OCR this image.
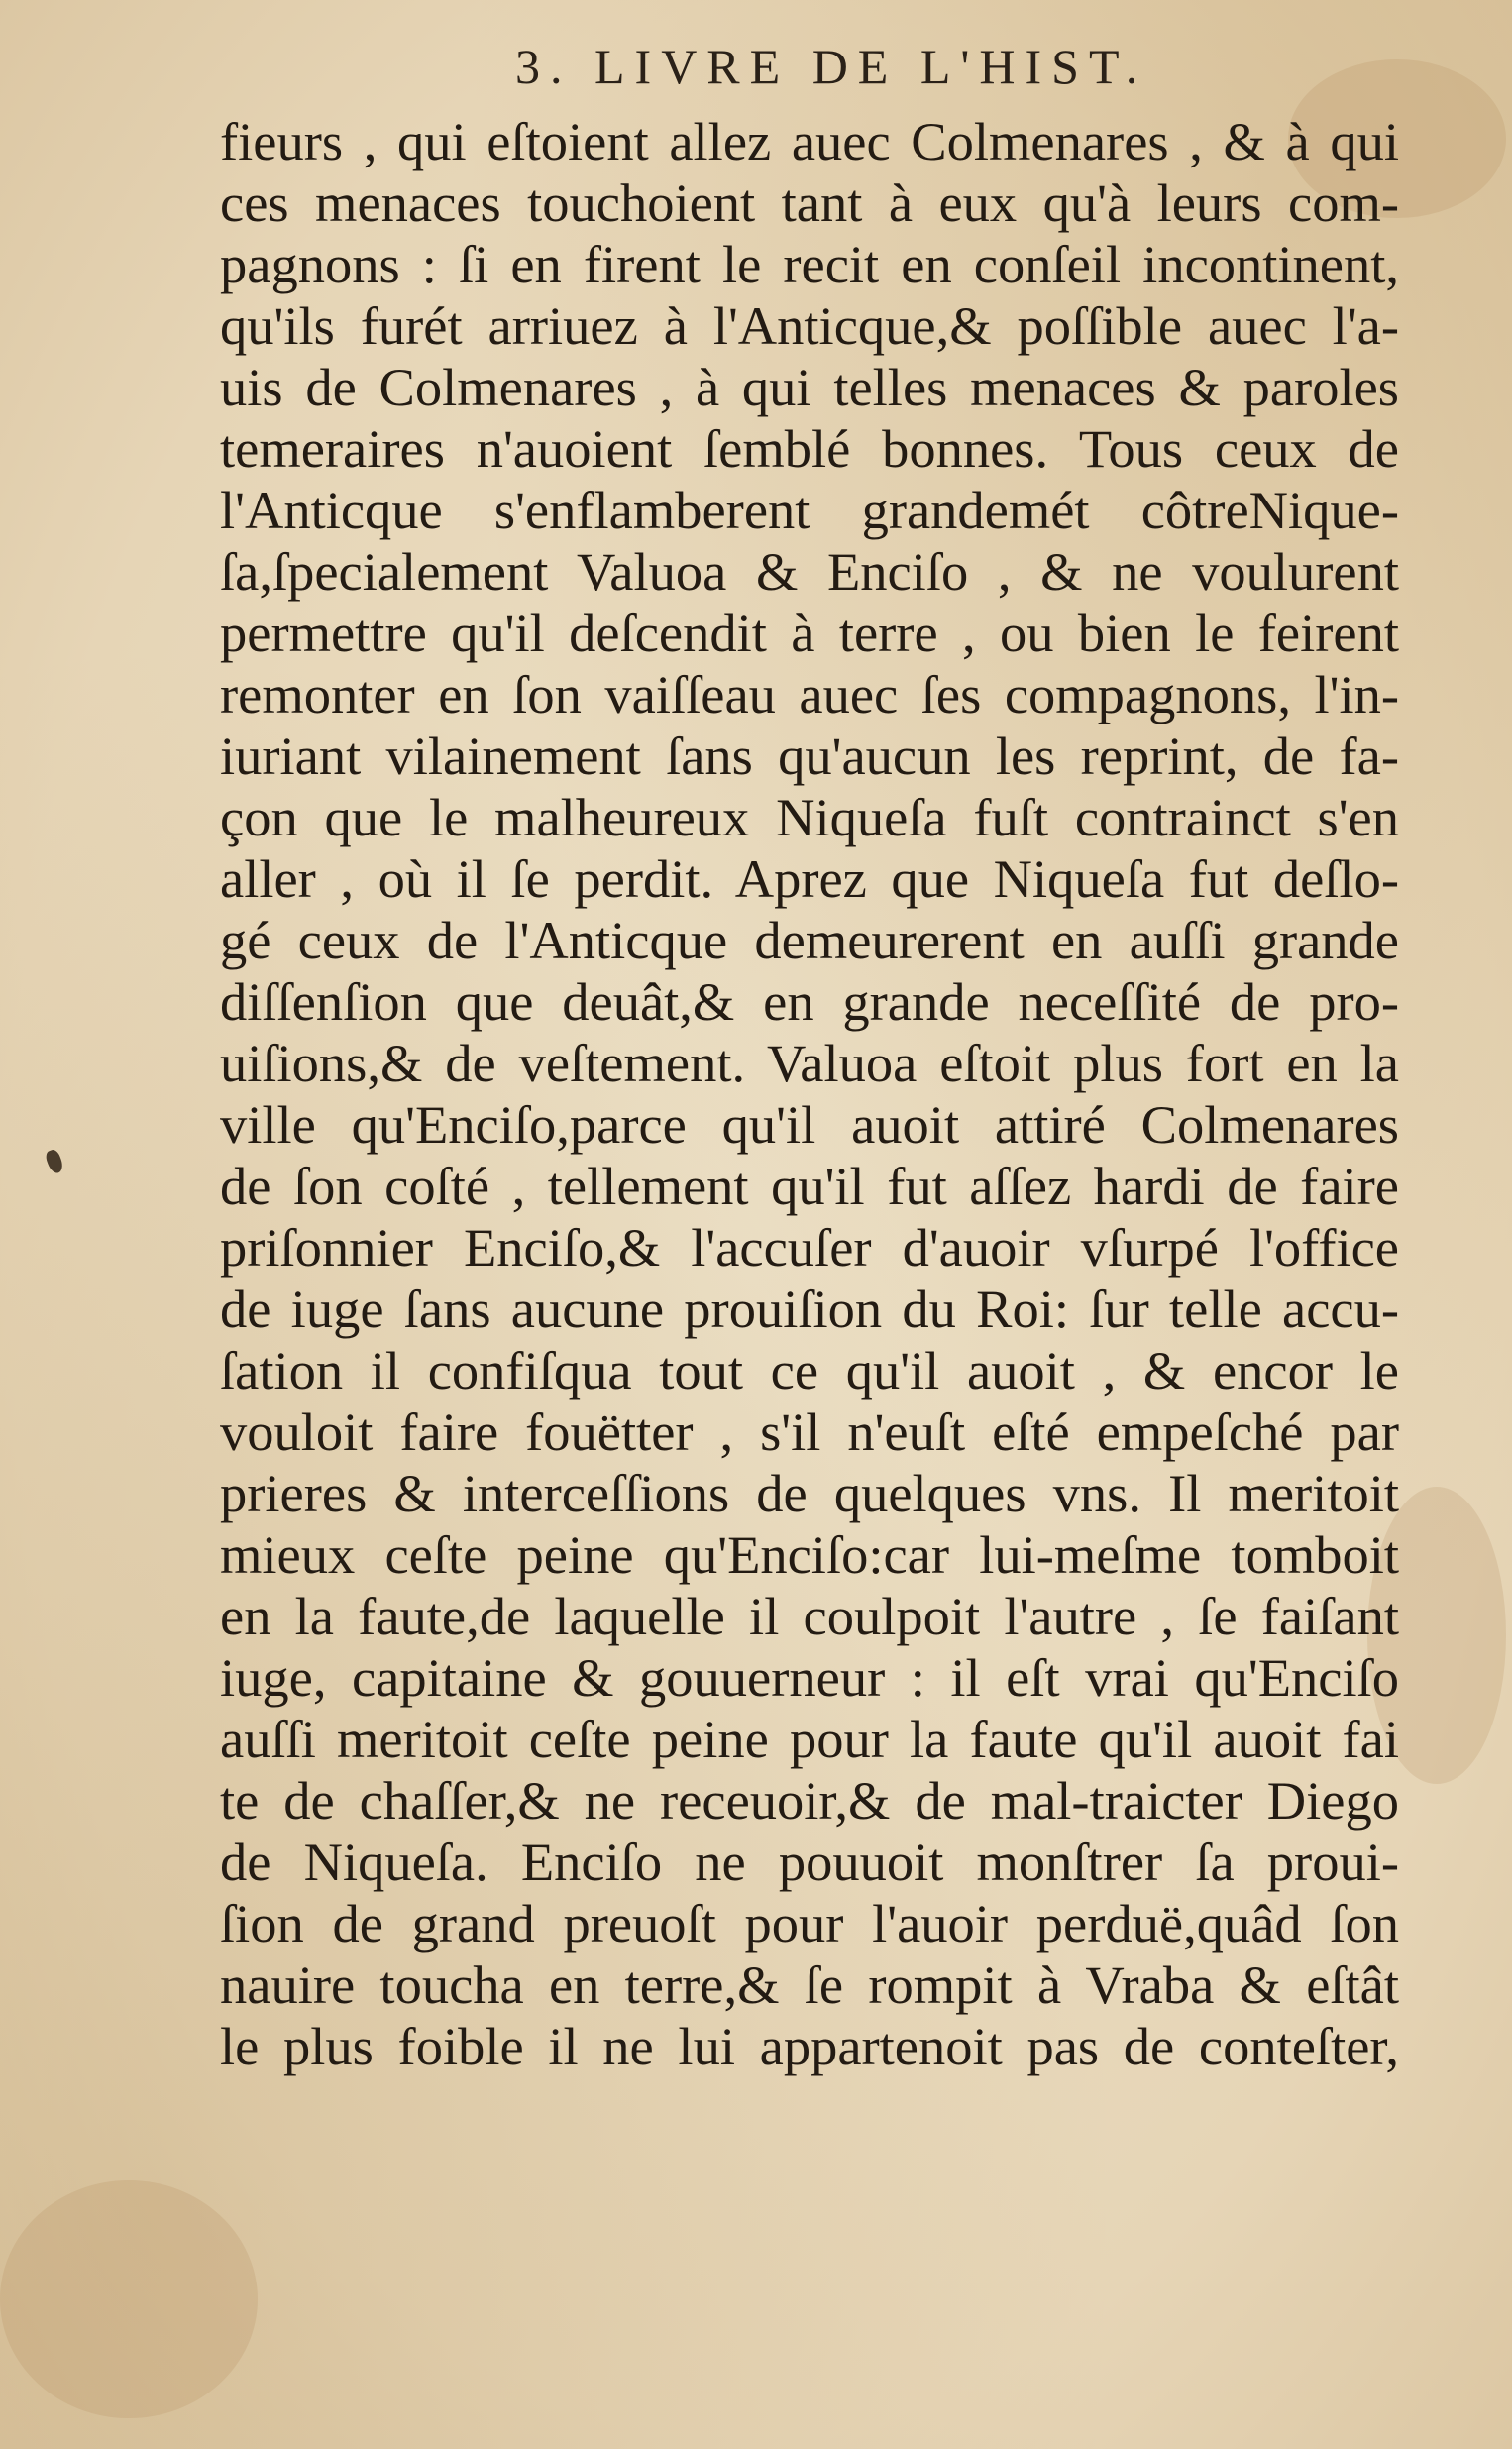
3. LIVRE DE L'HIST.
fieurs , qui eſtoient allez auec Colmenares , & à qui
ces menaces touchoient tant à eux qu'à leurs com-
pagnons : ſi en firent le recit en conſeil incontinent,
qu'ils furét arriuez à l'Anticque,& poſſible auec l'a-
uis de Colmenares , à qui telles menaces & paroles
temeraires n'auoient ſemblé bonnes. Tous ceux de
l'Anticque s'enflamberent grandemét côtreNique-
ſa,ſpecialement Valuoa & Enciſo , & ne voulurent
permettre qu'il deſcendit à terre , ou bien le feirent
remonter en ſon vaiſſeau auec ſes compagnons, l'in-
iuriant vilainement ſans qu'aucun les reprint, de fa-
çon que le malheureux Niqueſa fuſt contrainct s'en
aller , où il ſe perdit. Aprez que Niqueſa fut deſlo-
gé ceux de l'Anticque demeurerent en auſſi grande
diſſenſion que deuât,& en grande neceſſité de pro-
uiſions,& de veſtement. Valuoa eſtoit plus fort en la
ville qu'Enciſo,parce qu'il auoit attiré Colmenares
de ſon coſté , tellement qu'il fut aſſez hardi de faire
priſonnier Enciſo,& l'accuſer d'auoir vſurpé l'office
de iuge ſans aucune prouiſion du Roi: ſur telle accu-
ſation il confiſqua tout ce qu'il auoit , & encor le
vouloit faire fouëtter , s'il n'euſt eſté empeſché par
prieres & interceſſions de quelques vns. Il meritoit
mieux ceſte peine qu'Enciſo:car lui-meſme tomboit
en la faute,de laquelle il coulpoit l'autre , ſe faiſant
iuge, capitaine & gouuerneur : il eſt vrai qu'Enciſo
auſſi meritoit ceſte peine pour la faute qu'il auoit fai
te de chaſſer,& ne receuoir,& de mal-traicter Diego
de Niqueſa. Enciſo ne pouuoit monſtrer ſa proui-
ſion de grand preuoſt pour l'auoir perduë,quâd ſon
nauire toucha en terre,& ſe rompit à Vraba & eſtât
le plus foible il ne lui appartenoit pas de conteſter,
